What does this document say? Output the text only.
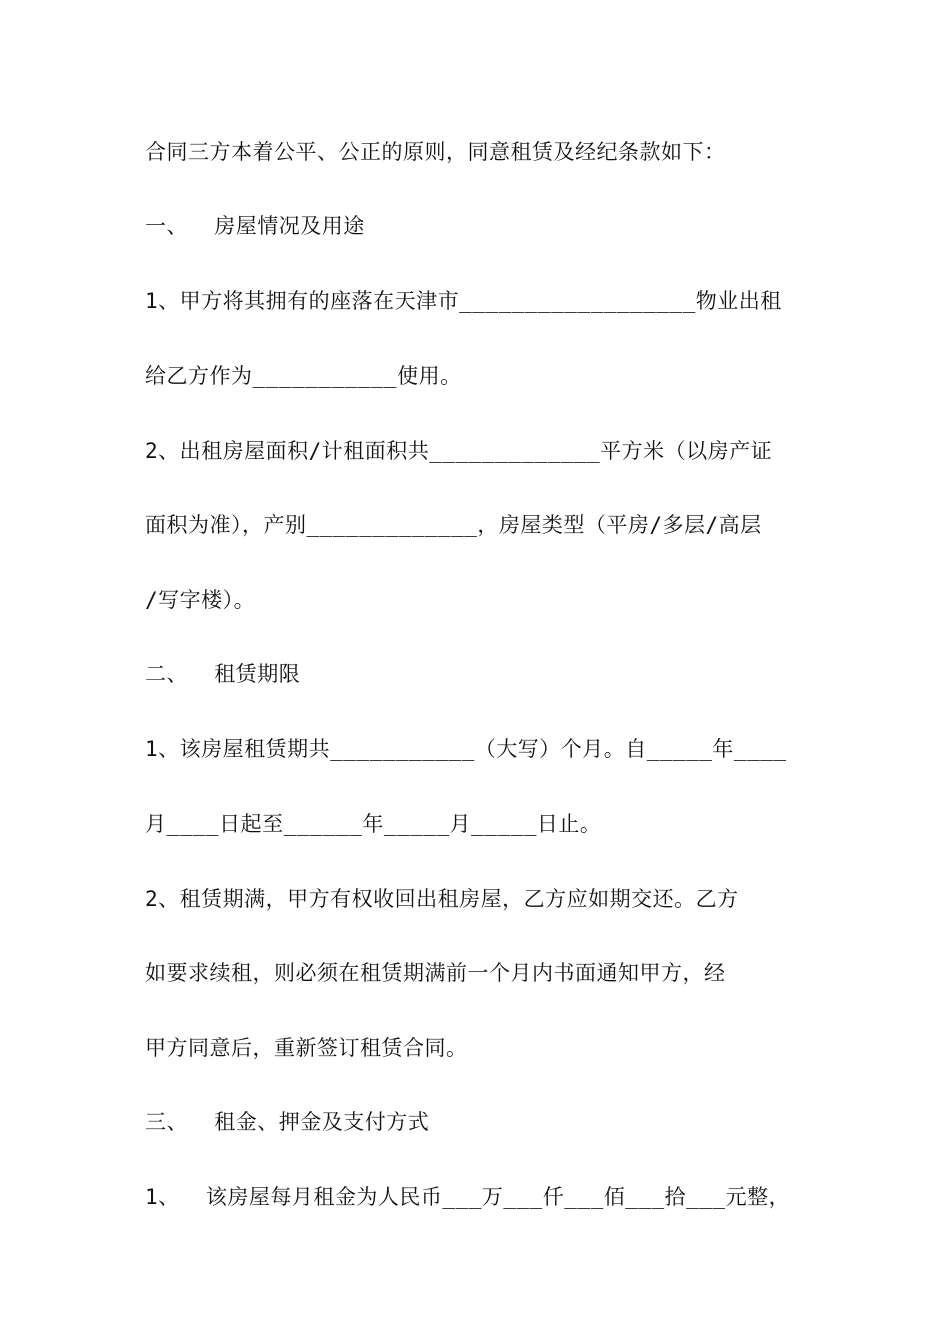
合同三方本着公平、公正的原则，同意租赁及经纪条款如下：
一、  房屋情况及用途
1、甲方将其拥有的座落在天津市__________________物业出租
给乙方作为___________使用。
2、出租房屋面积/计租面积共_____________平方米（以房产证
面积为准），产别_____________，房屋类型（平房/多层/高层
/写字楼）。
二、  租赁期限
1、该房屋租赁期共___________（大写）个月。自_____年____
月____日起至______年_____月_____日止。
2、租赁期满，甲方有权收回出租房屋，乙方应如期交还。乙方
如要求续租，则必须在租赁期满前一个月内书面通知甲方，经
甲方同意后，重新签订租赁合同。
三、  租金、押金及支付方式
1、  该房屋每月租金为人民币___万___仟___佰___拾___元整，
